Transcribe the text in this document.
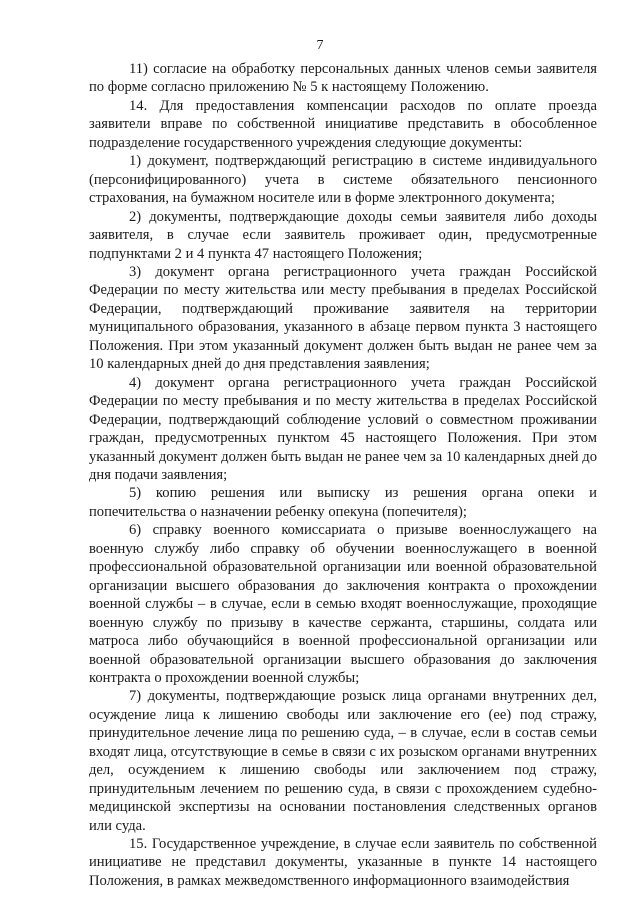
7

11) согласие на обработку персональных данных членов семьи заявителя по форме согласно приложению № 5 к настоящему Положению.

14. Для предоставления компенсации расходов по оплате проезда заявители вправе по собственной инициативе представить в обособленное подразделение государственного учреждения следующие документы:

1) документ, подтверждающий регистрацию в системе индивидуального (персонифицированного) учета в системе обязательного пенсионного страхования, на бумажном носителе или в форме электронного документа;

2) документы, подтверждающие доходы семьи заявителя либо доходы заявителя, в случае если заявитель проживает один, предусмотренные подпунктами 2 и 4 пункта 47 настоящего Положения;

3) документ органа регистрационного учета граждан Российской Федерации по месту жительства или месту пребывания в пределах Российской Федерации, подтверждающий проживание заявителя на территории муниципального образования, указанного в абзаце первом пункта 3 настоящего Положения. При этом указанный документ должен быть выдан не ранее чем за 10 календарных дней до дня представления заявления;

4) документ органа регистрационного учета граждан Российской Федерации по месту пребывания и по месту жительства в пределах Российской Федерации, подтверждающий соблюдение условий о совместном проживании граждан, предусмотренных пунктом 45 настоящего Положения. При этом указанный документ должен быть выдан не ранее чем за 10 календарных дней до дня подачи заявления;

5) копию решения или выписку из решения органа опеки и попечительства о назначении ребенку опекуна (попечителя);

6) справку военного комиссариата о призыве военнослужащего на военную службу либо справку об обучении военнослужащего в военной профессиональной образовательной организации или военной образовательной организации высшего образования до заключения контракта о прохождении военной службы – в случае, если в семью входят военнослужащие, проходящие военную службу по призыву в качестве сержанта, старшины, солдата или матроса либо обучающийся в военной профессиональной организации или военной образовательной организации высшего образования до заключения контракта о прохождении военной службы;

7) документы, подтверждающие розыск лица органами внутренних дел, осуждение лица к лишению свободы или заключение его (ее) под стражу, принудительное лечение лица по решению суда, – в случае, если в состав семьи входят лица, отсутствующие в семье в связи с их розыском органами внутренних дел, осуждением к лишению свободы или заключением под стражу, принудительным лечением по решению суда, в связи с прохождением судебно-медицинской экспертизы на основании постановления следственных органов или суда.

15. Государственное учреждение, в случае если заявитель по собственной инициативе не представил документы, указанные в пункте 14 настоящего Положения, в рамках межведомственного информационного взаимодействия
